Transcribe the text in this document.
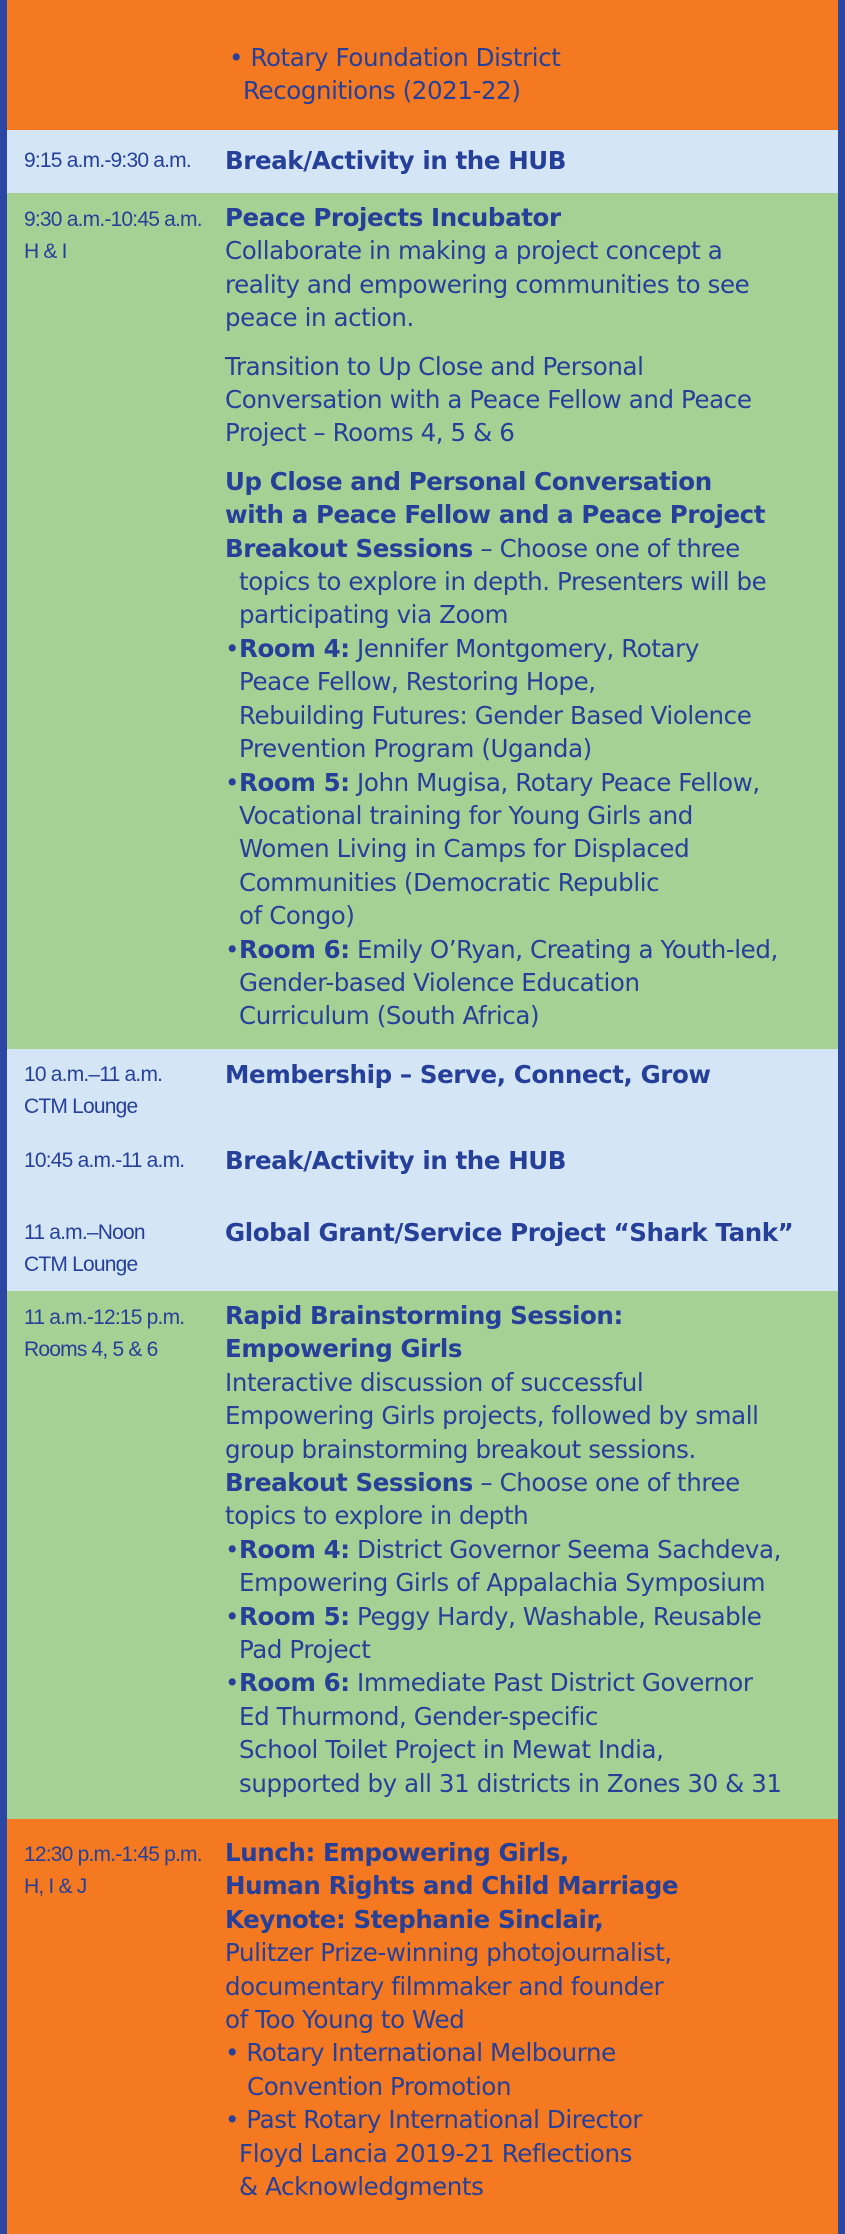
• Rotary Foundation District
Recognitions (2021-22)
9:15 a.m.-9:30 a.m. Break/Activity in the HUB
9:30 a.m.-10:45 a.m.
H & I
Peace Projects Incubator
Collaborate in making a project concept a
reality and empowering communities to see
peace in action.
Transition to Up Close and Personal
Conversation with a Peace Fellow and Peace
Project – Rooms 4, 5 & 6
Up Close and Personal Conversation
with a Peace Fellow and a Peace Project
Breakout Sessions – Choose one of three
topics to explore in depth. Presenters will be
participating via Zoom
•Room 4: Jennifer Montgomery, Rotary
Peace Fellow, Restoring Hope,
Rebuilding Futures: Gender Based Violence
Prevention Program (Uganda)
•Room 5: John Mugisa, Rotary Peace Fellow,
Vocational training for Young Girls and
Women Living in Camps for Displaced
Communities (Democratic Republic
of Congo)
•Room 6: Emily O’Ryan, Creating a Youth-led,
Gender-based Violence Education
Curriculum (South Africa)
10 a.m.–11 a.m.
CTM Lounge
Membership – Serve, Connect, Grow
10:45 a.m.-11 a.m. Break/Activity in the HUB
11 a.m.–Noon
CTM Lounge
Global Grant/Service Project “Shark Tank”
11 a.m.-12:15 p.m.
Rooms 4, 5 & 6
Rapid Brainstorming Session:
Empowering Girls
Interactive discussion of successful
Empowering Girls projects, followed by small
group brainstorming breakout sessions.
Breakout Sessions – Choose one of three
topics to explore in depth
•Room 4: District Governor Seema Sachdeva,
Empowering Girls of Appalachia Symposium
•Room 5: Peggy Hardy, Washable, Reusable
Pad Project
•Room 6: Immediate Past District Governor
Ed Thurmond, Gender-specific
School Toilet Project in Mewat India,
supported by all 31 districts in Zones 30 & 31
12:30 p.m.-1:45 p.m.
H, I & J
Lunch: Empowering Girls,
Human Rights and Child Marriage
Keynote: Stephanie Sinclair,
Pulitzer Prize-winning photojournalist,
documentary filmmaker and founder
of Too Young to Wed
• Rotary International Melbourne
Convention Promotion
• Past Rotary International Director
Floyd Lancia 2019-21 Reflections
& Acknowledgments
